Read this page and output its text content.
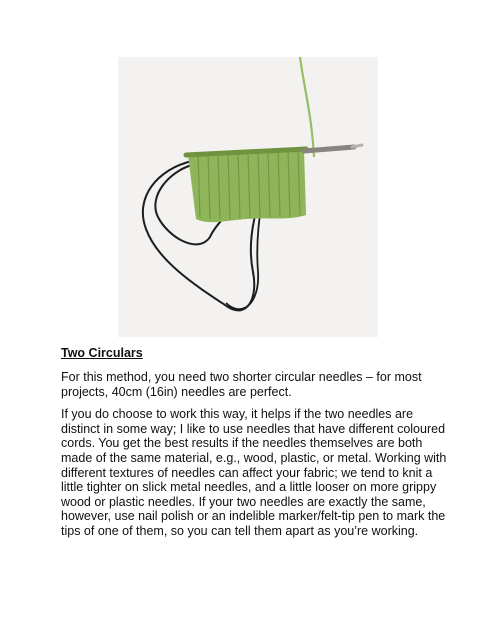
Two Circulars

For this method, you need two shorter circular needles – for most projects, 40cm (16in) needles are perfect.

If you do choose to work this way, it helps if the two needles are distinct in some way; I like to use needles that have different coloured cords. You get the best results if the needles themselves are both made of the same material, e.g., wood, plastic, or metal. Working with different textures of needles can affect your fabric; we tend to knit a little tighter on slick metal needles, and a little looser on more grippy wood or plastic needles. If your two needles are exactly the same, however, use nail polish or an indelible marker/felt-tip pen to mark the tips of one of them, so you can tell them apart as you’re working.
